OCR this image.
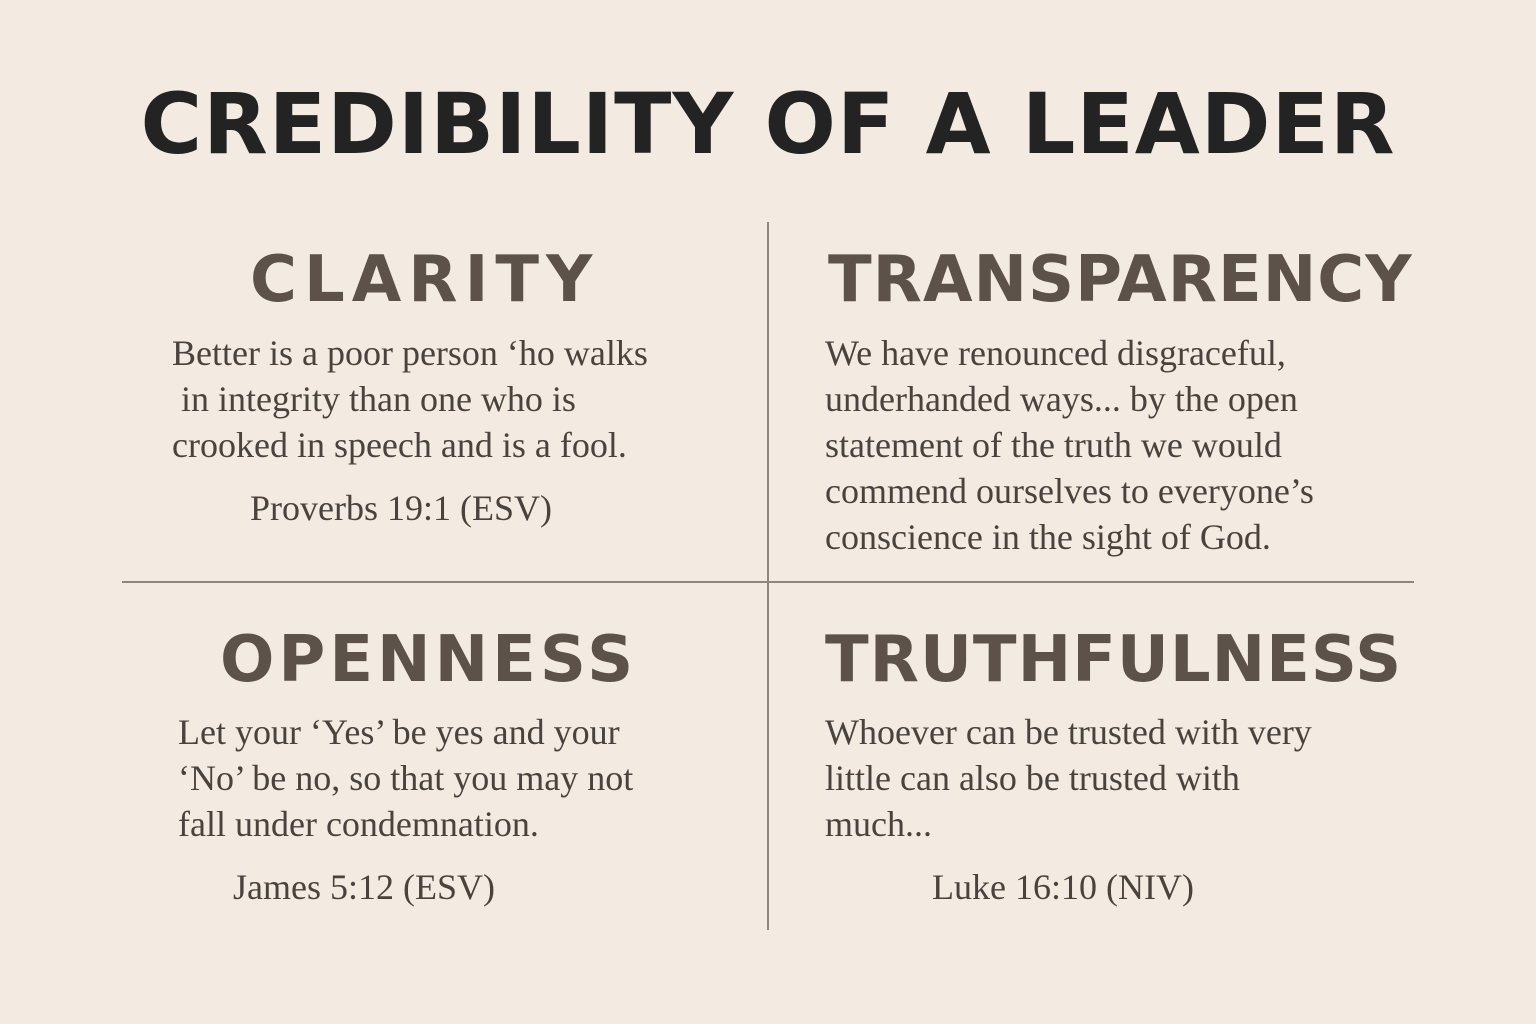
CREDIBILITY OF A LEADER
CLARITY
Better is a poor person ‘ho walks
in integrity than one who is
crooked in speech and is a fool.
Proverbs 19:1 (ESV)
TRANSPARENCY
We have renounced disgraceful,
underhanded ways... by the open
statement of the truth we would
commend ourselves to everyone’s
conscience in the sight of God.
OPENNESS
Let your ‘Yes’ be yes and your
‘No’ be no, so that you may not
fall under condemnation.
James 5:12 (ESV)
TRUTHFULNESS
Whoever can be trusted with very
little can also be trusted with
much...
Luke 16:10 (NIV)
